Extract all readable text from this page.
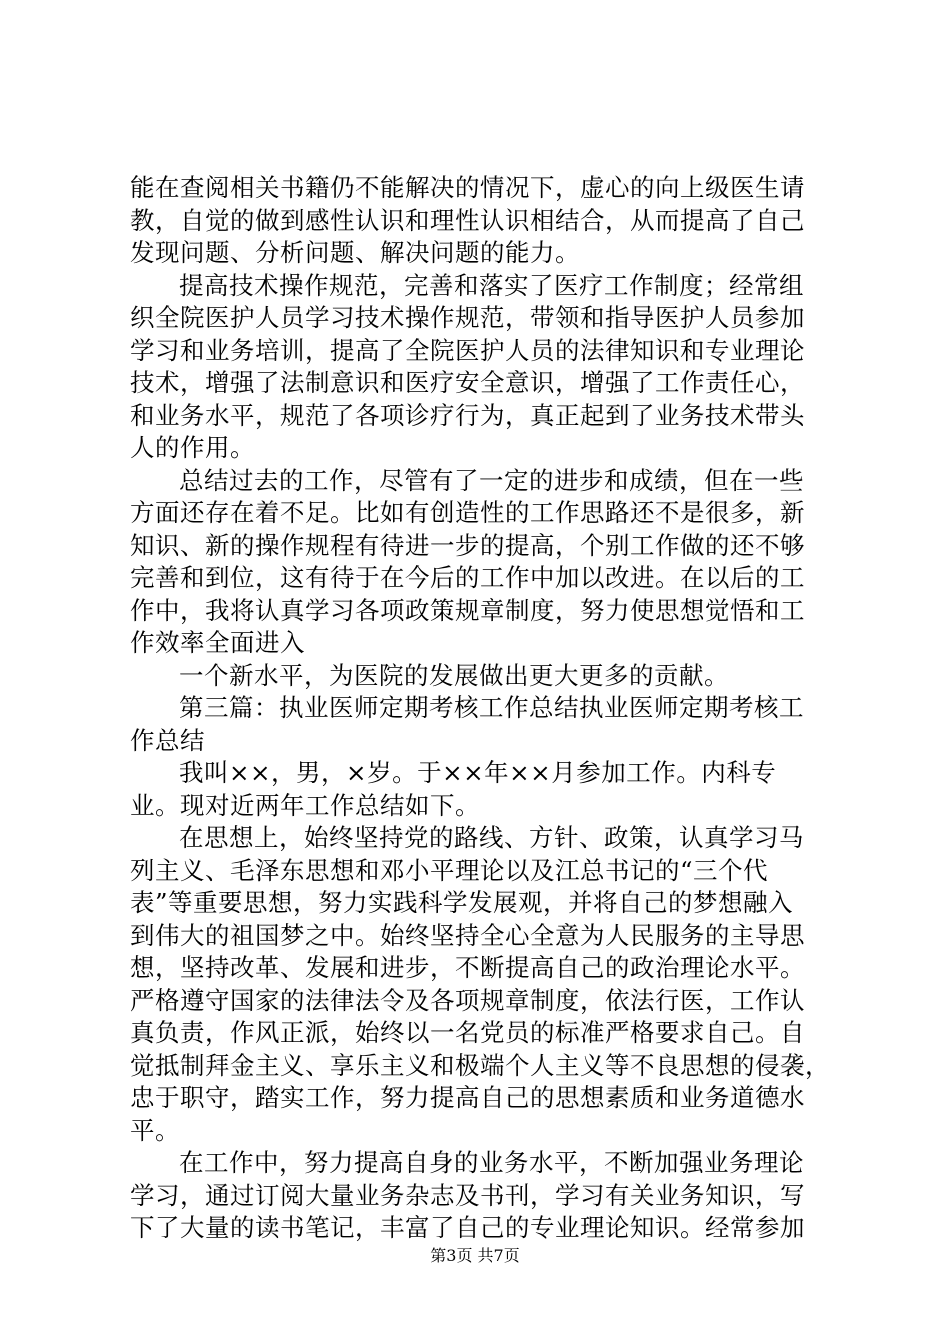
能在查阅相关书籍仍不能解决的情况下，虚心的向上级医生请
教，自觉的做到感性认识和理性认识相结合，从而提高了自己
发现问题、分析问题、解决问题的能力。

提高技术操作规范，完善和落实了医疗工作制度；经常组
织全院医护人员学习技术操作规范，带领和指导医护人员参加
学习和业务培训，提高了全院医护人员的法律知识和专业理论
技术，增强了法制意识和医疗安全意识，增强了工作责任心，
和业务水平，规范了各项诊疗行为，真正起到了业务技术带头
人的作用。

总结过去的工作，尽管有了一定的进步和成绩，但在一些
方面还存在着不足。比如有创造性的工作思路还不是很多，新
知识、新的操作规程有待进一步的提高，个别工作做的还不够
完善和到位，这有待于在今后的工作中加以改进。在以后的工
作中，我将认真学习各项政策规章制度，努力使思想觉悟和工
作效率全面进入

一个新水平，为医院的发展做出更大更多的贡献。

第三篇：执业医师定期考核工作总结执业医师定期考核工
作总结

我叫××，男，×岁。于××年××月参加工作。内科专
业。现对近两年工作总结如下。

在思想上，始终坚持党的路线、方针、政策，认真学习马
列主义、毛泽东思想和邓小平理论以及江总书记的“三个代
表”等重要思想，努力实践科学发展观，并将自己的梦想融入
到伟大的祖国梦之中。始终坚持全心全意为人民服务的主导思
想，坚持改革、发展和进步，不断提高自己的政治理论水平。
严格遵守国家的法律法令及各项规章制度，依法行医，工作认
真负责，作风正派，始终以一名党员的标准严格要求自己。自
觉抵制拜金主义、享乐主义和极端个人主义等不良思想的侵袭，
忠于职守，踏实工作，努力提高自己的思想素质和业务道德水
平。

在工作中，努力提高自身的业务水平，不断加强业务理论
学习，通过订阅大量业务杂志及书刊，学习有关业务知识，写
下了大量的读书笔记，丰富了自己的专业理论知识。经常参加

第3页 共7页
